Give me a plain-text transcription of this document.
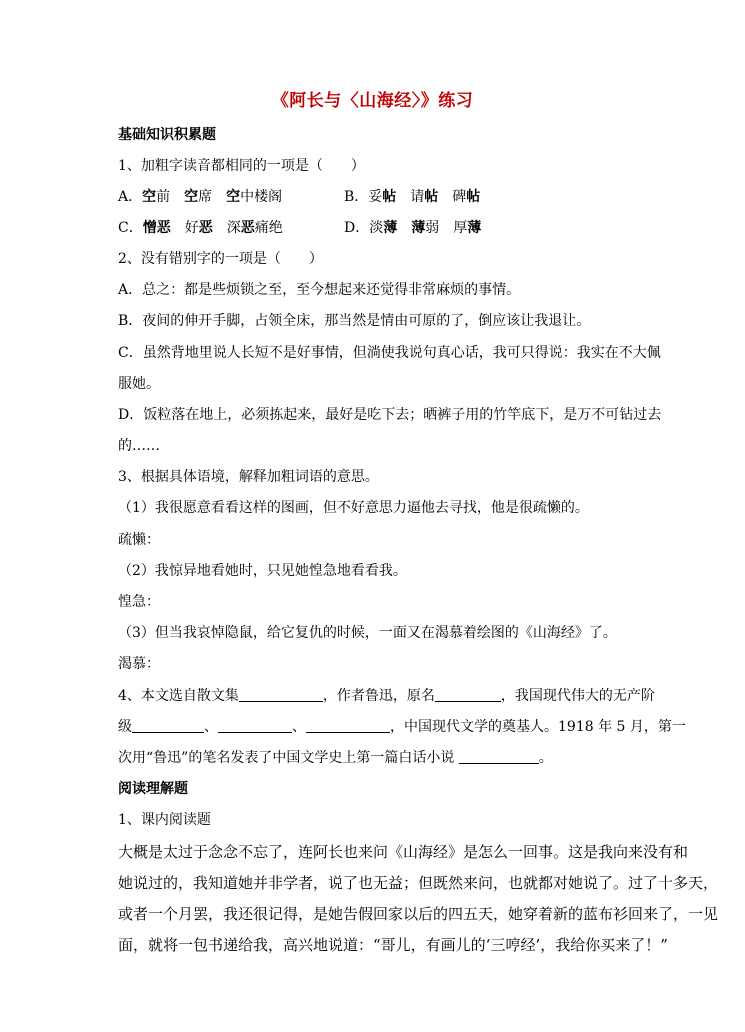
《阿长与〈山海经〉》练习
基础知识积累题
1、加粗字读音都相同的一项是（　　）
A．空前　空席　空中楼阁	B．妥帖　请帖　碑帖
C．憎恶　好恶　深恶痛绝	D．淡薄　 薄弱　厚薄
2、没有错别字的一项是（　　）
A．总之：都是些烦锁之至，至今想起来还觉得非常麻烦的事情。
B．夜间的伸开手脚，占领全床，那当然是情由可原的了，倒应该让我退让。
C．虽然背地里说人长短不是好事情，但淌使我说句真心话，我可只得说：我实在不大佩
服她。
D．饭粒落在地上，必须拣起来，最好是吃下去；晒裤子用的竹竿底下，是万不可钻过去
的……
3、根据具体语境，解释加粗词语的意思。
（1）我很愿意看看这样的图画，但不好意思力逼他去寻找，他是很疏懒的。
疏懒：
（2）我惊异地看她时，只见她惶急地看看我。
惶急：
（3）但当我哀悼隐鼠，给它复仇的时候，一面又在渴慕着绘图的《山海经》了。
渴慕：
4、本文选自散文集	，作者鲁迅，原名	，我国现代伟大的无产阶
级	、	、	，中国现代文学的奠基人。1918 年 5 月，第一
次用“鲁迅”的笔名发表了中国文学史上第一篇白话小说	。
阅读理解题
1、课内阅读题
大概是太过于念念不忘了，连阿长也来问《山海经》是怎么一回事。这是我向来没有和
她说过的，我知道她并非学者，说了也无益；但既然来问，也就都对她说了。过了十多天，
或者一个月罢，我还很记得，是她告假回家以后的四五天，她穿着新的蓝布衫回来了，一见
面，就将一包书递给我，高兴地说道：“哥儿，有画儿的‘三哼经’，我给你买来了！”
